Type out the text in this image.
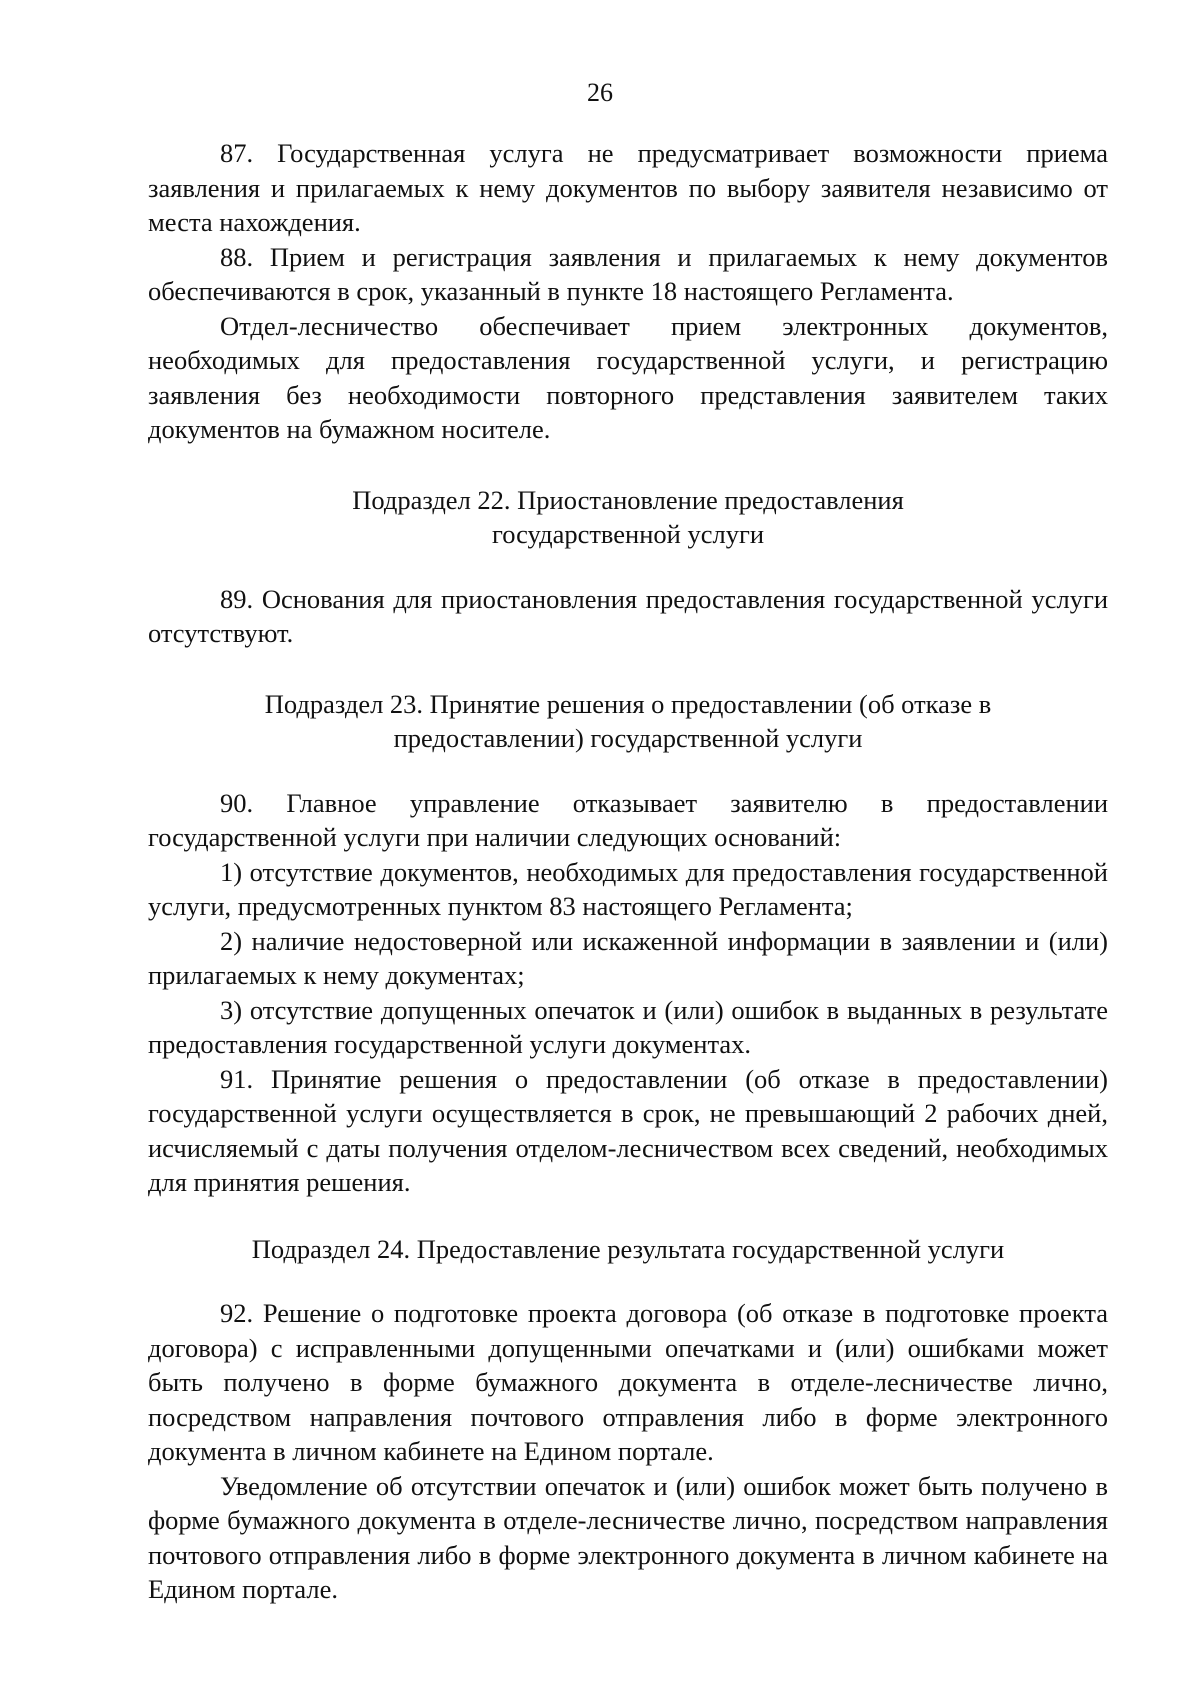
26

87. Государственная услуга не предусматривает возможности приема заявления и прилагаемых к нему документов по выбору заявителя независимо от места нахождения.

88. Прием и регистрация заявления и прилагаемых к нему документов обеспечиваются в срок, указанный в пункте 18 настоящего Регламента.

Отдел-лесничество обеспечивает прием электронных документов, необходимых для предоставления государственной услуги, и регистрацию заявления без необходимости повторного представления заявителем таких документов на бумажном носителе.

Подраздел 22. Приостановление предоставления
государственной услуги

89. Основания для приостановления предоставления государственной услуги отсутствуют.

Подраздел 23. Принятие решения о предоставлении (об отказе в
предоставлении) государственной услуги

90. Главное управление отказывает заявителю в предоставлении государственной услуги при наличии следующих оснований:

1) отсутствие документов, необходимых для предоставления государственной услуги, предусмотренных пунктом 83 настоящего Регламента;

2) наличие недостоверной или искаженной информации в заявлении и (или) прилагаемых к нему документах;

3) отсутствие допущенных опечаток и (или) ошибок в выданных в результате предоставления государственной услуги документах.

91. Принятие решения о предоставлении (об отказе в предоставлении) государственной услуги осуществляется в срок, не превышающий 2 рабочих дней, исчисляемый с даты получения отделом-лесничеством всех сведений, необходимых для принятия решения.

Подраздел 24. Предоставление результата государственной услуги

92. Решение о подготовке проекта договора (об отказе в подготовке проекта договора) с исправленными допущенными опечатками и (или) ошибками может быть получено в форме бумажного документа в отделе-лесничестве лично, посредством направления почтового отправления либо в форме электронного документа в личном кабинете на Едином портале.

Уведомление об отсутствии опечаток и (или) ошибок может быть получено в форме бумажного документа в отделе-лесничестве лично, посредством направления почтового отправления либо в форме электронного документа в личном кабинете на Едином портале.
